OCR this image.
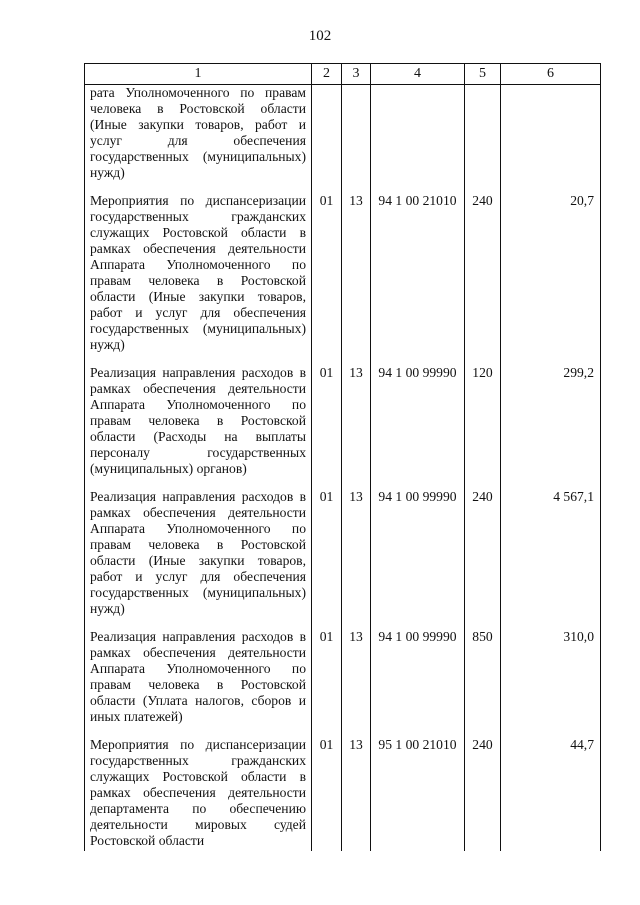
102
1	2	3	4	5	6
рата Уполномоченного по правам человека в Ростовской области (Иные закупки товаров, работ и услуг для обеспечения государственных (муниципальных) нужд)					
Мероприятия по диспансеризации государственных гражданских служащих Ростовской области в рамках обеспечения деятельности Аппарата Уполномоченного по правам человека в Ростовской области (Иные закупки товаров, работ и услуг для обеспечения государственных (муниципальных) нужд)	01	13	94 1 00 21010	240	20,7
Реализация направления расходов в рамках обеспечения деятельности Аппарата Уполномоченного по правам человека в Ростовской области (Расходы на выплаты персоналу государственных (муниципальных) органов)	01	13	94 1 00 99990	120	299,2
Реализация направления расходов в рамках обеспечения деятельности Аппарата Уполномоченного по правам человека в Ростовской области (Иные закупки товаров, работ и услуг для обеспечения государственных (муниципальных) нужд)	01	13	94 1 00 99990	240	4 567,1
Реализация направления расходов в рамках обеспечения деятельности Аппарата Уполномоченного по правам человека в Ростовской области (Уплата налогов, сборов и иных платежей)	01	13	94 1 00 99990	850	310,0
Мероприятия по диспансеризации государственных гражданских служащих Ростовской области в рамках обеспечения деятельности департамента по обеспечению деятельности мировых судей Ростовской области	01	13	95 1 00 21010	240	44,7
